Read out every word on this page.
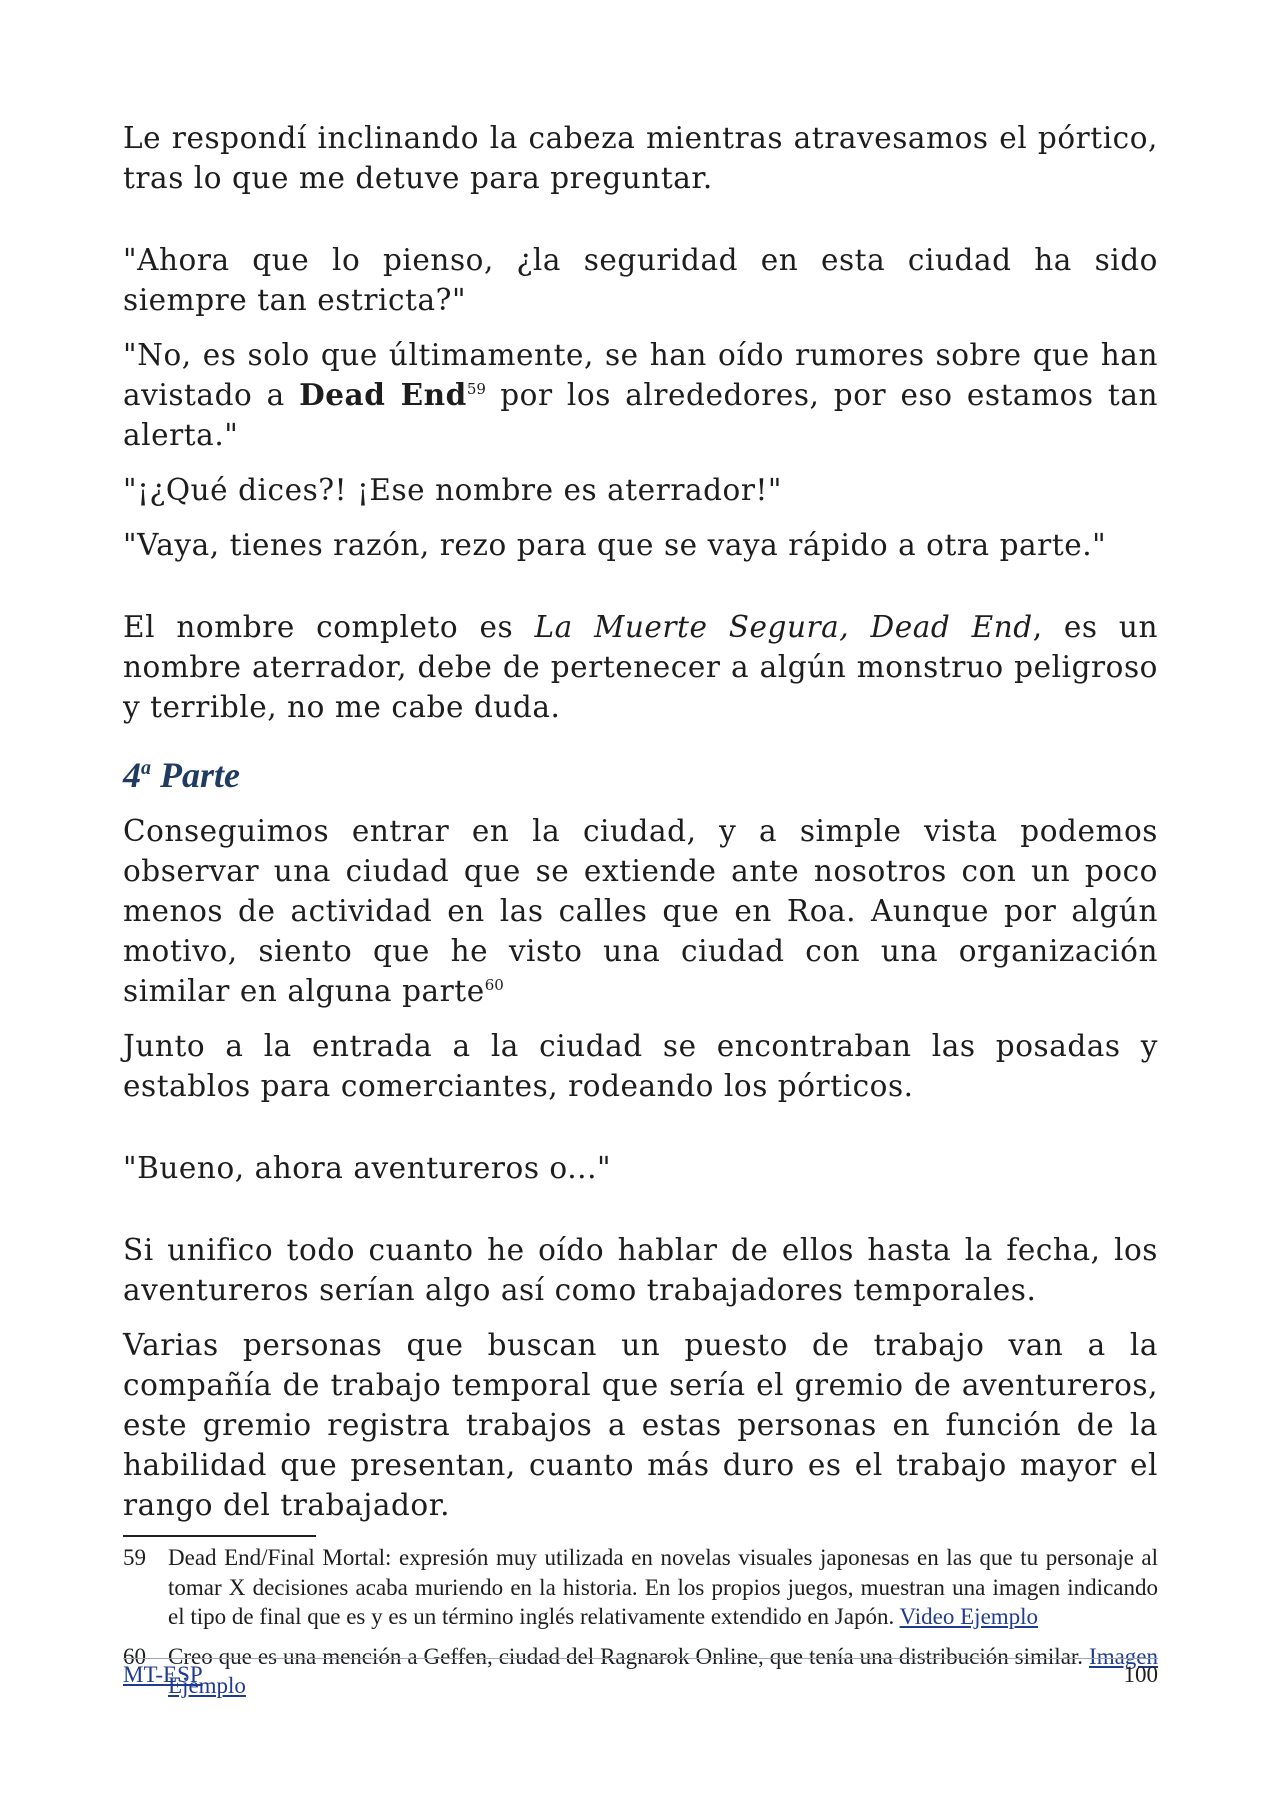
Le respondí inclinando la cabeza mientras atravesamos el pórtico, tras lo que me detuve para preguntar.

"Ahora que lo pienso, ¿la seguridad en esta ciudad ha sido siempre tan estricta?"

"No, es solo que últimamente, se han oído rumores sobre que han avistado a Dead End$^{59}$ por los alrededores, por eso estamos tan alerta."

"¡¿Qué dices?! ¡Ese nombre es aterrador!"

"Vaya, tienes razón, rezo para que se vaya rápido a otra parte."

El nombre completo es La Muerte Segura, Dead End, es un nombre aterrador, debe de pertenecer a algún monstruo peligroso y terrible, no me cabe duda.

4$^a$ Parte

Conseguimos entrar en la ciudad, y a simple vista podemos observar una ciudad que se extiende ante nosotros con un poco menos de actividad en las calles que en Roa. Aunque por algún motivo, siento que he visto una ciudad con una organización similar en alguna parte$^{60}$

Junto a la entrada a la ciudad se encontraban las posadas y establos para comerciantes, rodeando los pórticos.

"Bueno, ahora aventureros o..."

Si unifico todo cuanto he oído hablar de ellos hasta la fecha, los aventureros serían algo así como trabajadores temporales.

Varias personas que buscan un puesto de trabajo van a la compañía de trabajo temporal que sería el gremio de aventureros, este gremio registra trabajos a estas personas en función de la habilidad que presentan, cuanto más duro es el trabajo mayor el rango del trabajador.

59 Dead End/Final Mortal: expresión muy utilizada en novelas visuales japonesas en las que tu personaje al tomar X decisiones acaba muriendo en la historia. En los propios juegos, muestran una imagen indicando el tipo de final que es y es un término inglés relativamente extendido en Japón. Video Ejemplo
60 Creo que es una mención a Geffen, ciudad del Ragnarok Online, que tenía una distribución similar. Imagen Ejemplo
MT-ESP	100
